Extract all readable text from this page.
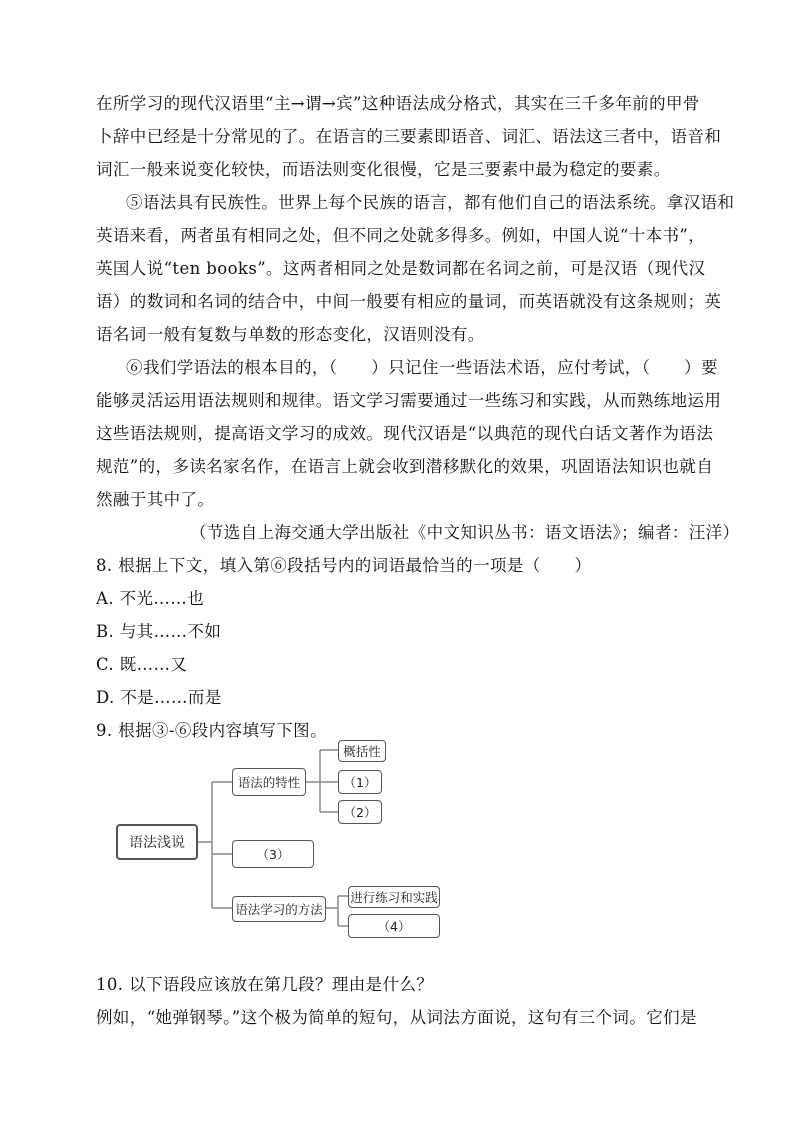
在所学习的现代汉语里“主→谓→宾”这种语法成分格式，其实在三千多年前的甲骨
卜辞中已经是十分常见的了。在语言的三要素即语音、词汇、语法这三者中，语音和
词汇一般来说变化较快，而语法则变化很慢，它是三要素中最为稳定的要素。
⑤语法具有民族性。世界上每个民族的语言，都有他们自己的语法系统。拿汉语和
英语来看，两者虽有相同之处，但不同之处就多得多。例如，中国人说“十本书”，
英国人说“ten books”。这两者相同之处是数词都在名词之前，可是汉语（现代汉
语）的数词和名词的结合中，中间一般要有相应的量词，而英语就没有这条规则；英
语名词一般有复数与单数的形态变化，汉语则没有。
⑥我们学语法的根本目的，（　　）只记住一些语法术语，应付考试，（　　）要
能够灵活运用语法规则和规律。语文学习需要通过一些练习和实践，从而熟练地运用
这些语法规则，提高语文学习的成效。现代汉语是“以典范的现代白话文著作为语法
规范”的，多读名家名作，在语言上就会收到潜移默化的效果，巩固语法知识也就自
然融于其中了。
（节选自上海交通大学出版社《中文知识丛书：语文语法》；编者：汪洋）
8. 根据上下文，填入第⑥段括号内的词语最恰当的一项是（　　）
A. 不光……也
B. 与其……不如
C. 既……又
D. 不是……而是
9. 根据③-⑥段内容填写下图。
语法浅说
语法的特性
概括性
（1）
（2）
（3）
语法学习的方法
进行练习和实践
（4）
10. 以下语段应该放在第几段？理由是什么？
例如，“她弹钢琴。”这个极为简单的短句，从词法方面说，这句有三个词。它们是
